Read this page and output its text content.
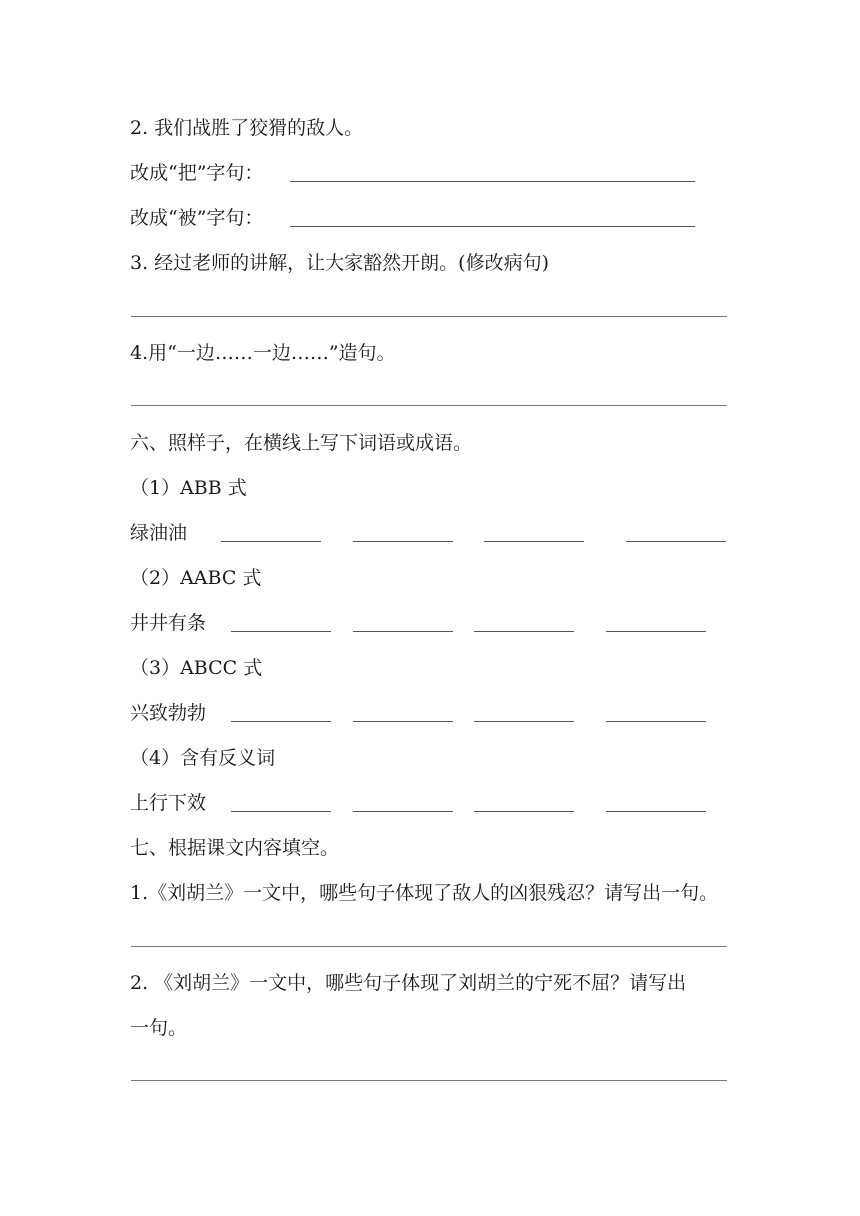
2. 我们战胜了狡猾的敌人。
改成“把”字句：
改成“被”字句：
3. 经过老师的讲解，让大家豁然开朗。(修改病句)
4.用“一边……一边……”造句。
六、照样子，在横线上写下词语或成语。
（1）ABB 式
绿油油
（2）AABC 式
井井有条
（3）ABCC 式
兴致勃勃
（4）含有反义词
上行下效
七、根据课文内容填空。
1.《刘胡兰》一文中，哪些句子体现了敌人的凶狠残忍？请写出一句。
2. 《刘胡兰》一文中，哪些句子体现了刘胡兰的宁死不屈？请写出
一句。
